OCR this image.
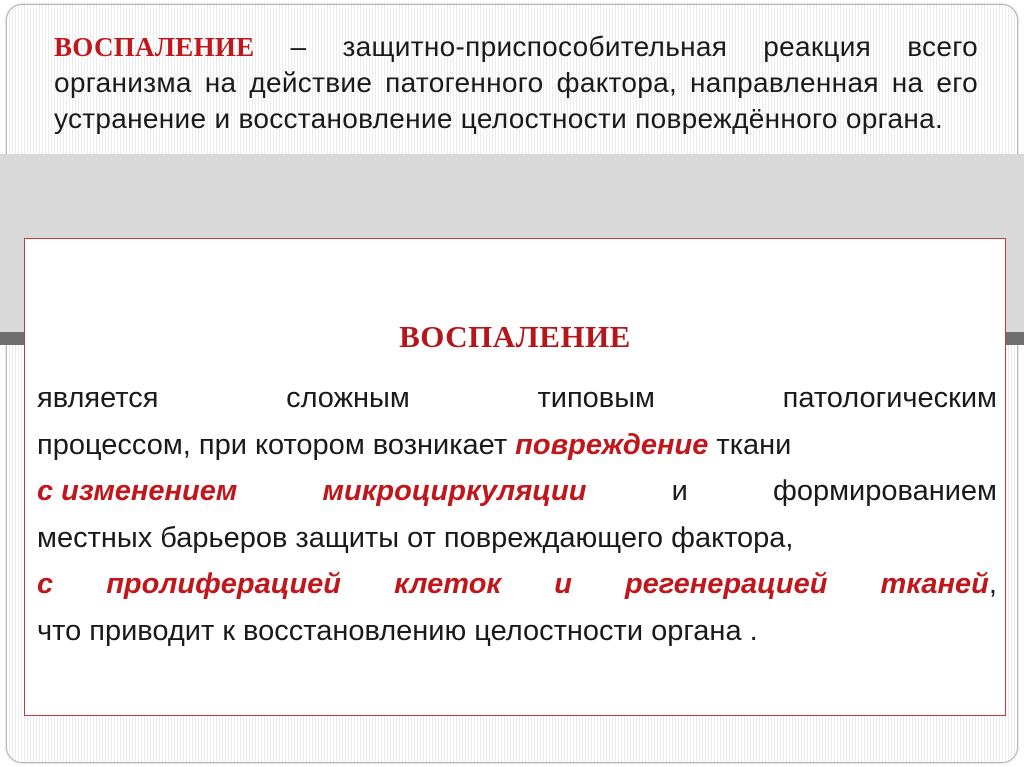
ВОСПАЛЕНИЕ – защитно-приспособительная реакция всего организма на действие патогенного фактора, направленная на его устранение и восстановление целостности повреждённого органа.
ВОСПАЛЕНИЕ
является	сложным	типовым	патологическим
процессом, при котором возникает повреждение ткани
с изменением	микроциркуляции	и	формированием
местных барьеров защиты от повреждающего фактора,
с пролиферацией клеток и регенерацией тканей,
что приводит к восстановлению целостности органа .
